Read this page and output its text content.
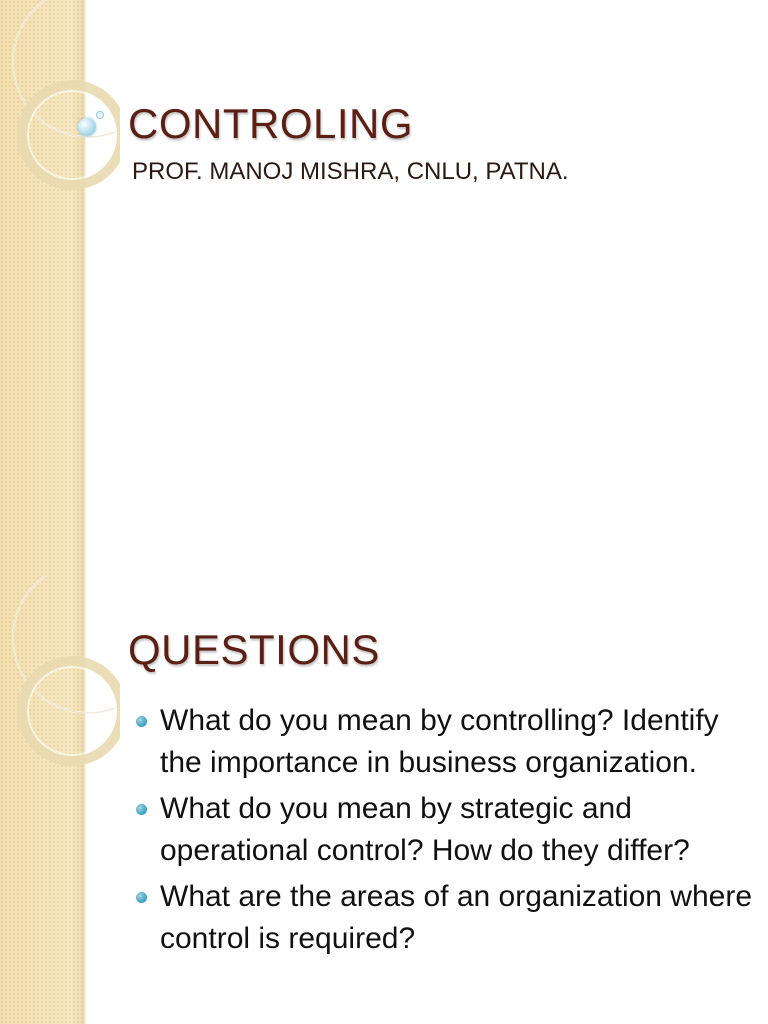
CONTROLING

PROF. MANOJ MISHRA, CNLU, PATNA.

QUESTIONS
What do you mean by controlling? Identify the importance in business organization.
What do you mean by strategic and operational control? How do they differ?
What are the areas of an organization where control is required?
